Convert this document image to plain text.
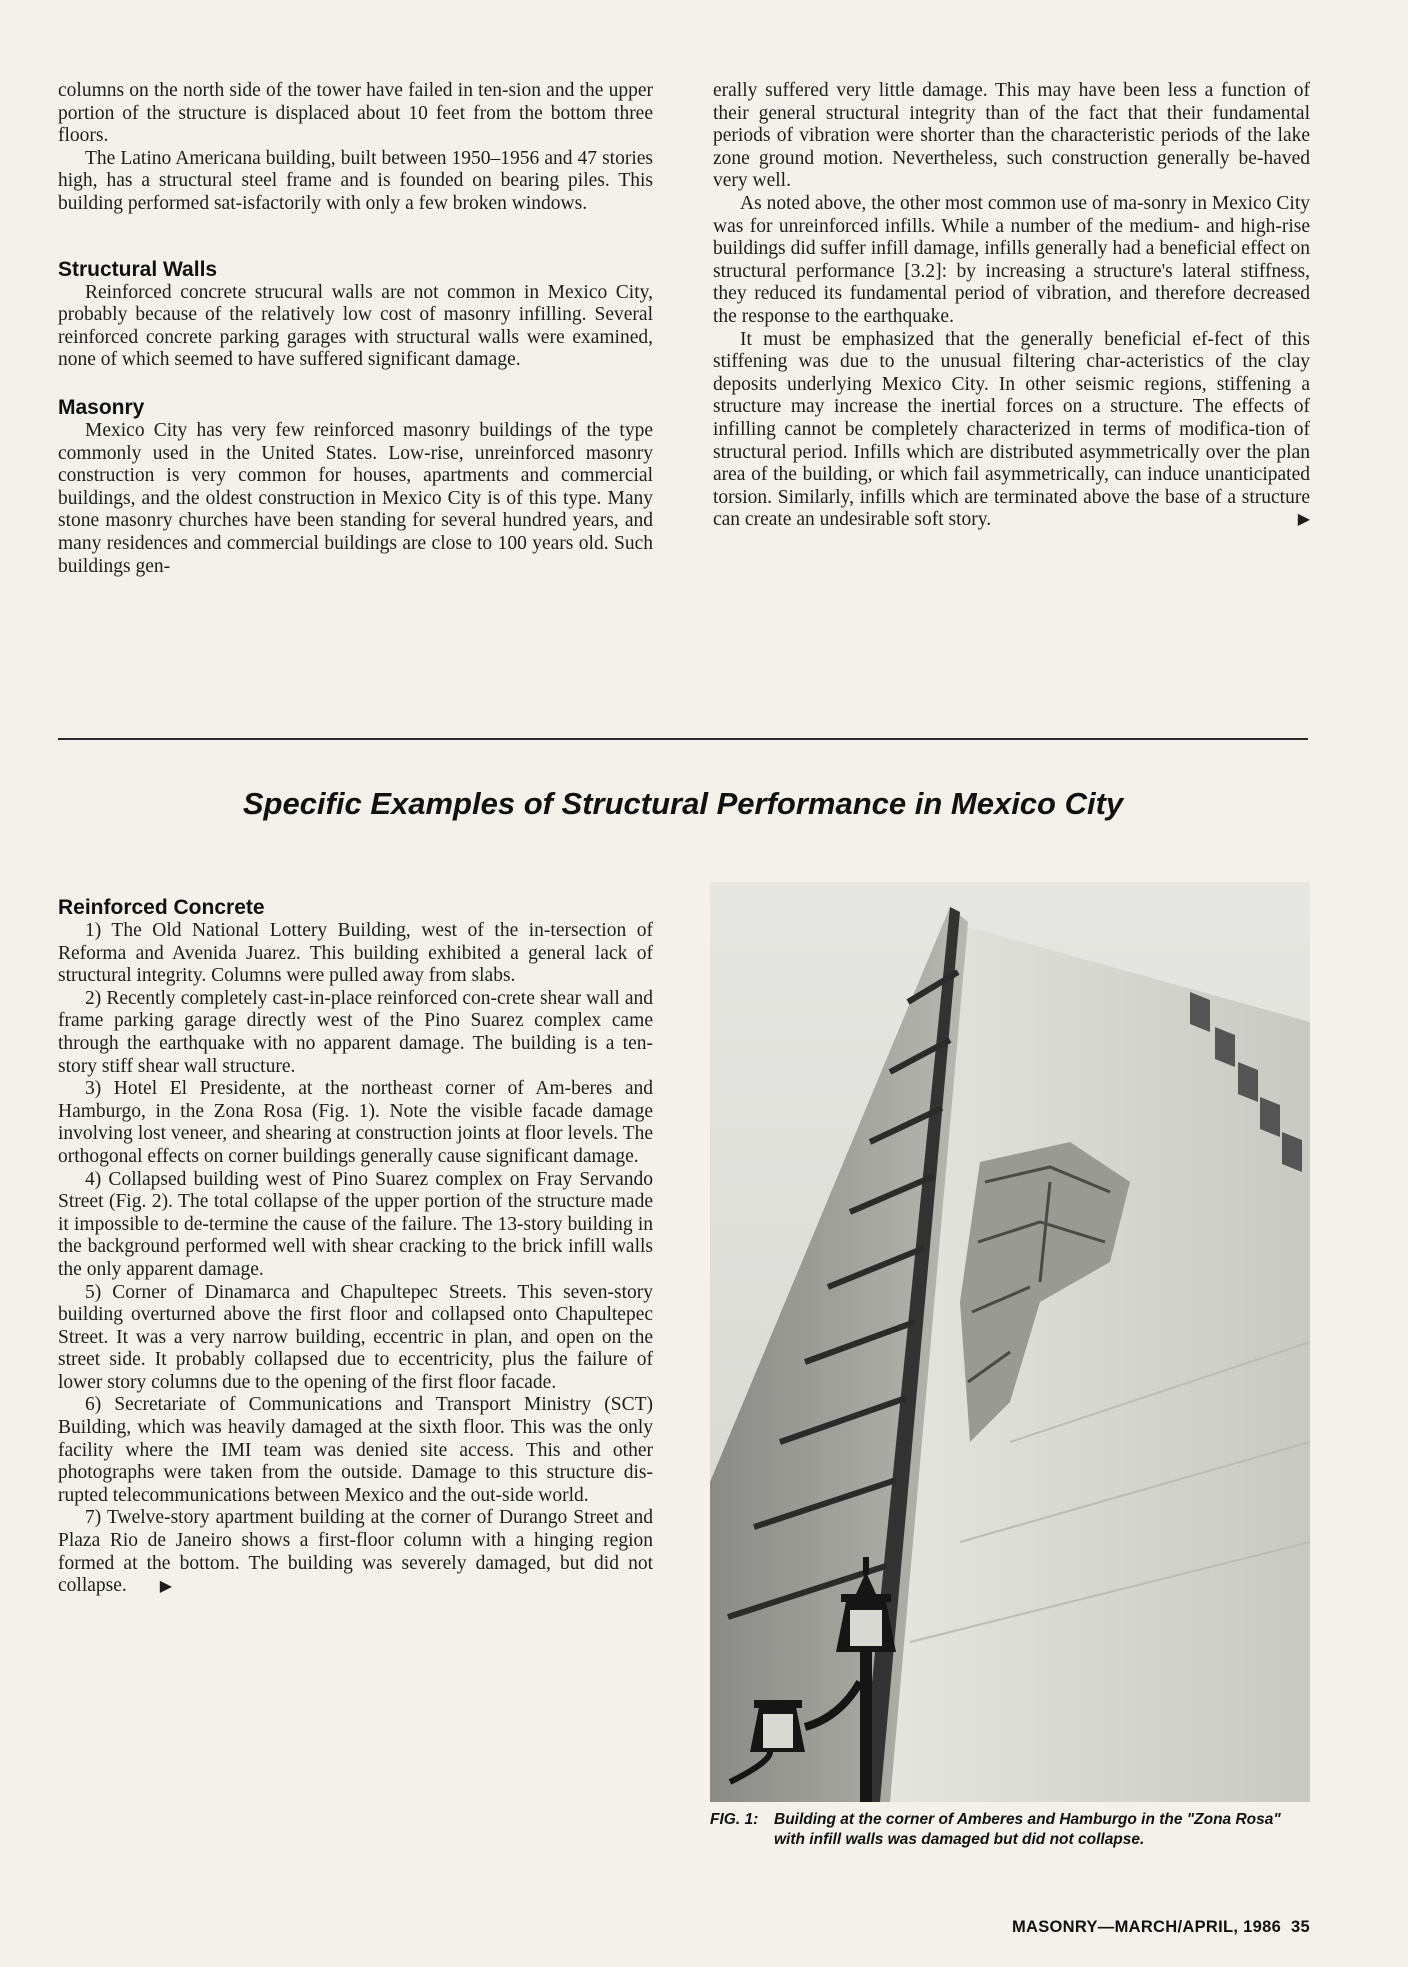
columns on the north side of the tower have failed in ten-sion and the upper portion of the structure is displaced about 10 feet from the bottom three floors.

The Latino Americana building, built between 1950–1956 and 47 stories high, has a structural steel frame and is founded on bearing piles. This building performed sat-isfactorily with only a few broken windows.

Structural Walls

Reinforced concrete strucural walls are not common in Mexico City, probably because of the relatively low cost of masonry infilling. Several reinforced concrete parking garages with structural walls were examined, none of which seemed to have suffered significant damage.

Masonry

Mexico City has very few reinforced masonry buildings of the type commonly used in the United States. Low-rise, unreinforced masonry construction is very common for houses, apartments and commercial buildings, and the oldest construction in Mexico City is of this type. Many stone masonry churches have been standing for several hundred years, and many residences and commercial buildings are close to 100 years old. Such buildings gen-

erally suffered very little damage. This may have been less a function of their general structural integrity than of the fact that their fundamental periods of vibration were shorter than the characteristic periods of the lake zone ground motion. Nevertheless, such construction generally be-haved very well.

As noted above, the other most common use of ma-sonry in Mexico City was for unreinforced infills. While a number of the medium- and high-rise buildings did suffer infill damage, infills generally had a beneficial effect on structural performance [3.2]: by increasing a structure's lateral stiffness, they reduced its fundamental period of vibration, and therefore decreased the response to the earthquake.

It must be emphasized that the generally beneficial ef-fect of this stiffening was due to the unusual filtering char-acteristics of the clay deposits underlying Mexico City. In other seismic regions, stiffening a structure may increase the inertial forces on a structure. The effects of infilling cannot be completely characterized in terms of modifica-tion of structural period. Infills which are distributed asymmetrically over the plan area of the building, or which fail asymmetrically, can induce unanticipated torsion. Similarly, infills which are terminated above the base of a structure can create an undesirable soft story.	▶

Specific Examples of Structural Performance in Mexico City
Reinforced Concrete

1) The Old National Lottery Building, west of the in-tersection of Reforma and Avenida Juarez. This building exhibited a general lack of structural integrity. Columns were pulled away from slabs.

2) Recently completely cast-in-place reinforced con-crete shear wall and frame parking garage directly west of the Pino Suarez complex came through the earthquake with no apparent damage. The building is a ten-story stiff shear wall structure.

3) Hotel El Presidente, at the northeast corner of Am-beres and Hamburgo, in the Zona Rosa (Fig. 1). Note the visible facade damage involving lost veneer, and shearing at construction joints at floor levels. The orthogonal effects on corner buildings generally cause significant damage.

4) Collapsed building west of Pino Suarez complex on Fray Servando Street (Fig. 2). The total collapse of the upper portion of the structure made it impossible to de-termine the cause of the failure. The 13-story building in the background performed well with shear cracking to the brick infill walls the only apparent damage.

5) Corner of Dinamarca and Chapultepec Streets. This seven-story building overturned above the first floor and collapsed onto Chapultepec Street. It was a very narrow building, eccentric in plan, and open on the street side. It probably collapsed due to eccentricity, plus the failure of lower story columns due to the opening of the first floor facade.

6) Secretariate of Communications and Transport Ministry (SCT) Building, which was heavily damaged at the sixth floor. This was the only facility where the IMI team was denied site access. This and other photographs were taken from the outside. Damage to this structure dis-rupted telecommunications between Mexico and the out-side world.

7) Twelve-story apartment building at the corner of Durango Street and Plaza Rio de Janeiro shows a first-floor column with a hinging region formed at the bottom. The building was severely damaged, but did not collapse. ▶

FIG. 1:	Building at the corner of Amberes and Hamburgo in the "Zona Rosa" with infill walls was damaged but did not collapse.
MASONRY—MARCH/APRIL, 1986 35
